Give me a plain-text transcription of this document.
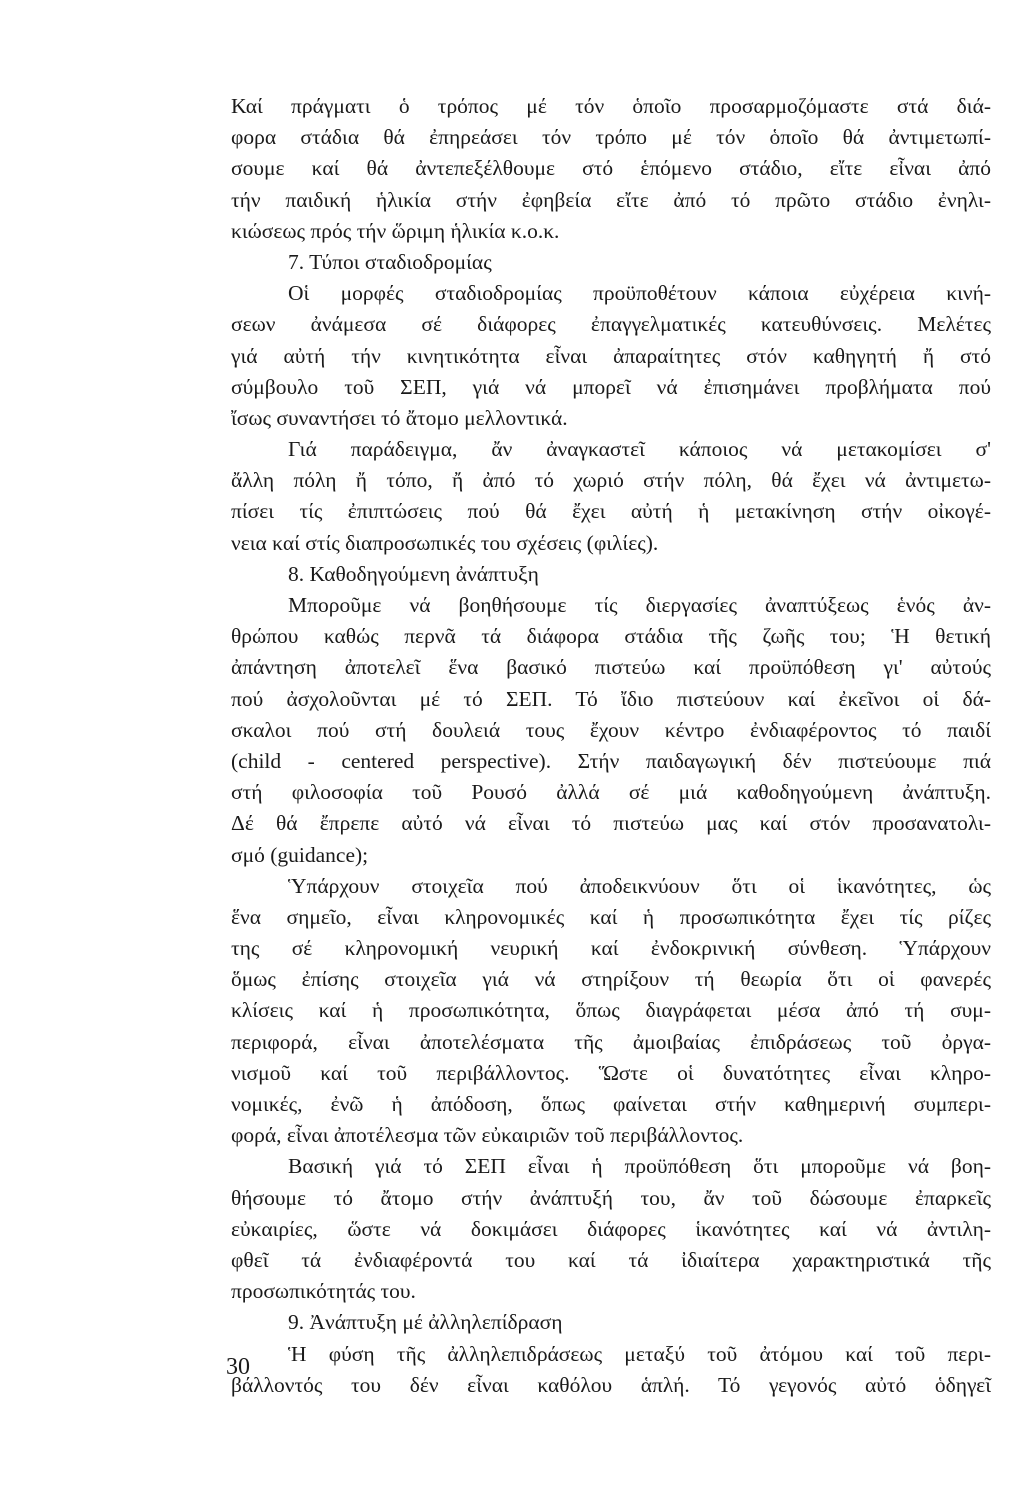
Καί πράγματι ὁ τρόπος μέ τόν ὁποῖο προσαρμοζόμαστε στά διά-
φορα στάδια θά ἐπηρεάσει τόν τρόπο μέ τόν ὁποῖο θά ἀντιμετωπί-
σουμε καί θά ἀντεπεξέλθουμε στό ἑπόμενο στάδιο, εἴτε εἶναι ἀπό
τήν παιδική ἡλικία στήν ἐφηβεία εἴτε ἀπό τό πρῶτο στάδιο ἐνηλι-
κιώσεως πρός τήν ὥριμη ἡλικία κ.ο.κ.
7. Τύποι σταδιοδρομίας
Οἱ μορφές σταδιοδρομίας προϋποθέτουν κάποια εὐχέρεια κινή-
σεων ἀνάμεσα σέ διάφορες ἐπαγγελματικές κατευθύνσεις. Μελέτες
γιά αὐτή τήν κινητικότητα εἶναι ἀπαραίτητες στόν καθηγητή ἤ στό
σύμβουλο τοῦ ΣΕΠ, γιά νά μπορεῖ νά ἐπισημάνει προβλήματα πού
ἴσως συναντήσει τό ἄτομο μελλοντικά.
Γιά παράδειγμα, ἄν ἀναγκαστεῖ κάποιος νά μετακομίσει σ'
ἄλλη πόλη ἤ τόπο, ἤ ἀπό τό χωριό στήν πόλη, θά ἔχει νά ἀντιμετω-
πίσει τίς ἐπιπτώσεις πού θά ἔχει αὐτή ἡ μετακίνηση στήν οἰκογέ-
νεια καί στίς διαπροσωπικές του σχέσεις (φιλίες).
8. Καθοδηγούμενη ἀνάπτυξη
Μποροῦμε νά βοηθήσουμε τίς διεργασίες ἀναπτύξεως ἑνός ἀν-
θρώπου καθώς περνᾶ τά διάφορα στάδια τῆς ζωῆς του; Ἡ θετική
ἀπάντηση ἀποτελεῖ ἕνα βασικό πιστεύω καί προϋπόθεση γι' αὐτούς
πού ἀσχολοῦνται μέ τό ΣΕΠ. Τό ἴδιο πιστεύουν καί ἐκεῖνοι οἱ δά-
σκαλοι πού στή δουλειά τους ἔχουν κέντρο ἐνδιαφέροντος τό παιδί
(child - centered perspective). Στήν παιδαγωγική δέν πιστεύουμε πιά
στή φιλοσοφία τοῦ Ρουσό ἀλλά σέ μιά καθοδηγούμενη ἀνάπτυξη.
Δέ θά ἔπρεπε αὐτό νά εἶναι τό πιστεύω μας καί στόν προσανατολι-
σμό (guidance);
Ὑπάρχουν στοιχεῖα πού ἀποδεικνύουν ὅτι οἱ ἱκανότητες, ὡς
ἕνα σημεῖο, εἶναι κληρονομικές καί ἡ προσωπικότητα ἔχει τίς ρίζες
της σέ κληρονομική νευρική καί ἐνδοκρινική σύνθεση. Ὑπάρχουν
ὅμως ἐπίσης στοιχεῖα γιά νά στηρίξουν τή θεωρία ὅτι οἱ φανερές
κλίσεις καί ἡ προσωπικότητα, ὅπως διαγράφεται μέσα ἀπό τή συμ-
περιφορά, εἶναι ἀποτελέσματα τῆς ἀμοιβαίας ἐπιδράσεως τοῦ ὀργα-
νισμοῦ καί τοῦ περιβάλλοντος. Ὥστε οἱ δυνατότητες εἶναι κληρο-
νομικές, ἐνῶ ἡ ἀπόδοση, ὅπως φαίνεται στήν καθημερινή συμπερι-
φορά, εἶναι ἀποτέλεσμα τῶν εὐκαιριῶν τοῦ περιβάλλοντος.
Βασική γιά τό ΣΕΠ εἶναι ἡ προϋπόθεση ὅτι μποροῦμε νά βοη-
θήσουμε τό ἄτομο στήν ἀνάπτυξή του, ἄν τοῦ δώσουμε ἐπαρκεῖς
εὐκαιρίες, ὥστε νά δοκιμάσει διάφορες ἱκανότητες καί νά ἀντιλη-
φθεῖ τά ἐνδιαφέροντά του καί τά ἰδιαίτερα χαρακτηριστικά τῆς
προσωπικότητάς του.
9. Ἀνάπτυξη μέ ἀλληλεπίδραση
Ἡ φύση τῆς ἀλληλεπιδράσεως μεταξύ τοῦ ἀτόμου καί τοῦ περι-
βάλλοντός του δέν εἶναι καθόλου ἁπλή. Τό γεγονός αὐτό ὁδηγεῖ
30
